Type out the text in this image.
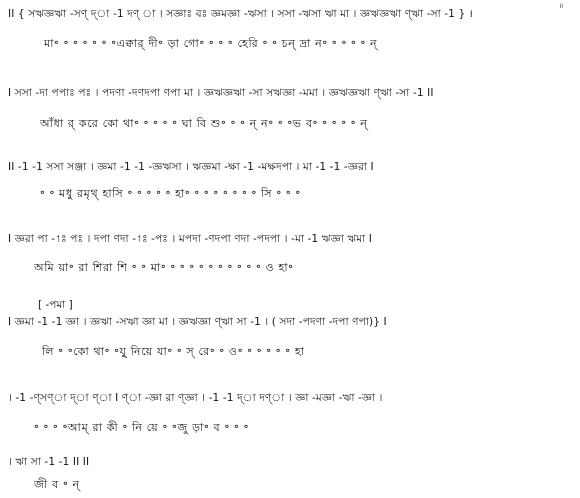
॥
II { সঋজ্ঞঋা -সণ্ দ্া -1 দণ্ া । সজ্ঞাঃ বঃ জ্ঞমজ্ঞা -ঋসা । সসা -ঋসা ঋা মা । জ্ঞঋজ্ঞঋা ণ্ঋা -সা -1 } ।
মা॰ ॰ ॰ ॰ ॰ ॰ ॰এক্বার্ দী॰ ড়া গো॰ ॰ ॰ ॰ হেরি ॰ ॰ চন্ দ্রা ন॰ ॰ ॰ ॰ ॰ ন্
I সসা -দা পপাঃ পঃ । পদণা -দণদপা ণপা মা । জ্ঞঋজ্ঞঋা -সা সঋজ্ঞা -মমা । জ্ঞঋজ্ঞঋা ণ্ঋা -সা -1 II
আঁধা র্ করে কো থা॰ ॰ ॰ ॰ ॰ ঘা বি শু॰ ॰ ॰ ন্ ন॰ ॰ ॰ভ ব॰ ॰ ॰ ॰ ॰ ন্
II -1 -1 সসা সঞ্জা । জ্ঞমা -1 -1 -জ্ঞঋসা । ঋজ্ঞমা -ক্ষা -1 -মক্ষদপা । মা -1 -1 -জ্ঞরা I
॰ ॰ মধু রমৃথ্ হাসি ॰ ॰ ॰ ॰ ॰ হা॰ ॰ ॰ ॰ ॰ ॰ ॰ ॰ সি ॰ ॰ ॰
I জ্ঞরা পা -1ঃ পঃ । দপা ণদা -1ঃ -পঃ । মপদা -ণদপা ণদা -পদপা । -মা -1 ঋজ্ঞা ঋমা I
অমি য়া॰ রা শিরা শি ॰ ॰ মা॰ ॰ ॰ ॰ ॰ ॰ ॰ ॰ ॰ ॰ ॰ ও হা॰
[ -পমা ]
I জ্ঞমা -1 -1 জ্ঞা । জ্ঞঋা -সঋা জ্ঞা মা । জ্ঞঋজ্ঞা ণ্ঋা সা -1 । ( সদা -পদণা -দপা ণপা)} I
লি ॰ ॰কো থা॰ ॰যু্ নিয়ে যা॰ ॰ স্ রে॰ ॰ ও॰ ॰ ॰ ॰ ॰ ॰ হা
। -1 -ণ্সণ্া দ্া ণ্া I ণ্া -জ্ঞা রা ণ্জ্ঞা । -1 -1 দ্া দণ্া । জ্ঞা -মজ্ঞা -ঋা -জ্ঞা ।
॰ ॰ ॰ ॰আম্ রা কী ॰ নি য়ে ॰ ॰জু ড়া॰ ব ॰ ॰ ॰
। ঋা সা -1 -1 II II
জী ব ॰ ন্
